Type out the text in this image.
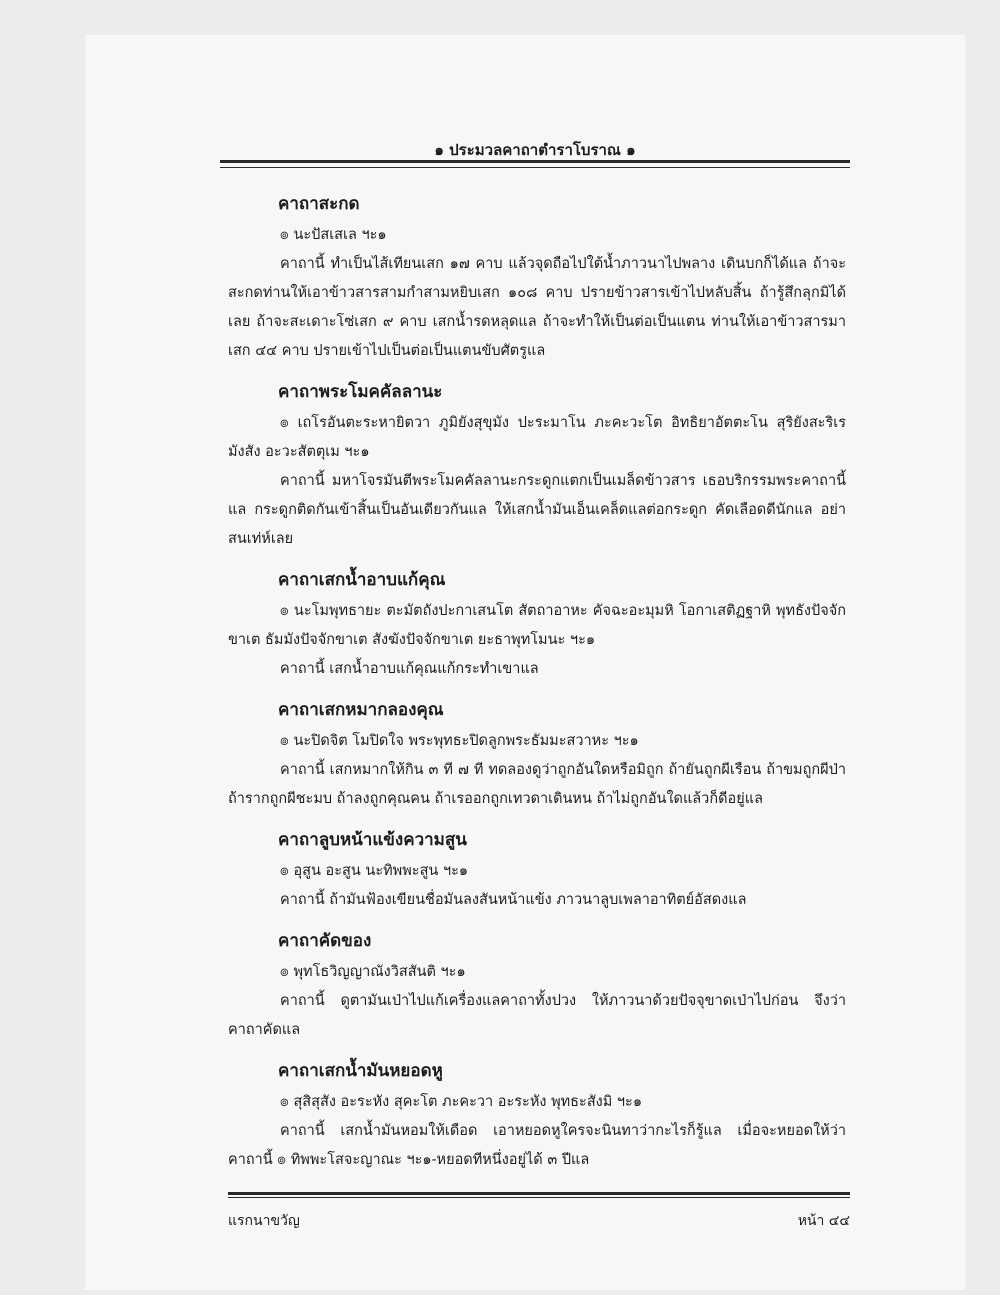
๑ ประมวลคาถาตำราโบราณ ๑
คาถาสะกด

๏ นะปัสเสเล ฯะ๑

คาถานี้ ทำเป็นไส้เทียนเสก ๑๗ คาบ แล้วจุดถือไปใต้น้ำภาวนาไปพลาง เดินบกก็ได้แล ถ้าจะสะกดท่านให้เอาข้าวสารสามกำสามหยิบเสก ๑๐๘ คาบ ปรายข้าวสารเข้าไปหลับสิ้น ถ้ารู้สึกลุกมิได้เลย ถ้าจะสะเดาะโซ่เสก ๙ คาบ เสกน้ำรดหลุดแล ถ้าจะทำให้เป็นต่อเป็นแตน ท่านให้เอาข้าวสารมาเสก ๔๔ คาบ ปรายเข้าไปเป็นต่อเป็นแตนขับศัตรูแล

คาถาพระโมคคัลลานะ

๏ เถโรอันตะระหายิตวา ภูมิยังสุขุมัง ปะระมาโน ภะคะวะโต อิทธิยาอัตตะโน สุริยังสะริเรมังสัง อะวะสัตตุเม ฯะ๑

คาถานี้ มหาโจรมันตีพระโมคคัลลานะกระดูกแตกเป็นเมล็ดข้าวสาร เธอบริกรรมพระคาถานี้แล กระดูกติดกันเข้าสิ้นเป็นอันเดียวกันแล ให้เสกน้ำมันเอ็นเคล็ดแลต่อกระดูก คัดเลือดดีนักแล อย่าสนเท่ห์เลย

คาถาเสกน้ำอาบแก้คุณ

๏ นะโมพุทธายะ ตะมัตถังปะกาเสนโต สัตถาอาหะ คัจฉะอะมุมหิ โอกาเสติฏฐาหิ พุทธังปัจจักขาเต ธัมมังปัจจักขาเต สังฆังปัจจักขาเต ยะธาพุทโมนะ ฯะ๑

คาถานี้ เสกน้ำอาบแก้คุณแก้กระทำเขาแล

คาถาเสกหมากลองคุณ

๏ นะปิดจิต โมปิดใจ พระพุทธะปิดลูกพระธัมมะสวาหะ ฯะ๑

คาถานี้ เสกหมากให้กิน ๓ ที ๗ ที ทดลองดูว่าถูกอันใดหรือมิถูก ถ้ายันถูกผีเรือน ถ้าขมถูกผีป่า ถ้ารากถูกผีชะมบ ถ้าลงถูกคุณคน ถ้าเรออกถูกเทวดาเดินหน ถ้าไม่ถูกอันใดแล้วก็ดีอยู่แล

คาถาลูบหน้าแข้งความสูน

๏ อุสูน อะสูน นะทิพพะสูน ฯะ๑

คาถานี้ ถ้ามันฟ้องเขียนชื่อมันลงสันหน้าแข้ง ภาวนาลูบเพลาอาทิตย์อัสดงแล

คาถาคัดของ

๏ พุทโธวิญญาณังวิสสันติ ฯะ๑

คาถานี้ ดูตามันเป่าไปแก้เครื่องแลคาถาทั้งปวง ให้ภาวนาด้วยปัจจุขาดเป่าไปก่อน จึงว่าคาถาคัดแล

คาถาเสกน้ำมันหยอดหู

๏ สุสิสุสัง อะระหัง สุคะโต ภะคะวา อะระหัง พุทธะสังมิ ฯะ๑

คาถานี้ เสกน้ำมันหอมให้เดือด เอาหยอดหูใครจะนินทาว่ากะไรก็รู้แล เมื่อจะหยอดให้ว่าคาถานี้ ๏ ทิพพะโสจะญาณะ ฯะ๑-หยอดทีหนึ่งอยู่ได้ ๓ ปีแล

แรกนาขวัญ	หน้า ๔๔
